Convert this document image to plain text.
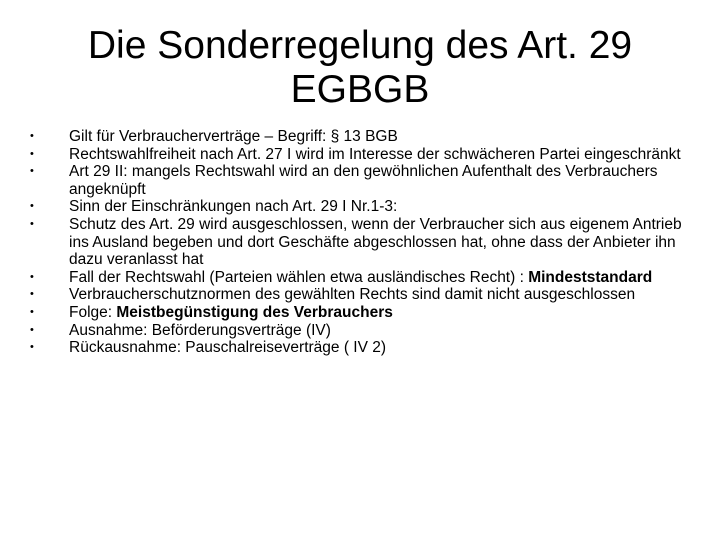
Die Sonderregelung des Art. 29
EGBGB
•	Gilt für Verbraucherverträge – Begriff: § 13 BGB
•	Rechtswahlfreiheit nach Art. 27 I wird im Interesse der schwächeren Partei eingeschränkt
•	Art 29 II: mangels Rechtswahl wird an den gewöhnlichen Aufenthalt des Verbrauchers angeknüpft
•	Sinn der Einschränkungen nach Art. 29 I Nr.1-3:
•	Schutz des Art. 29 wird ausgeschlossen, wenn der Verbraucher sich aus eigenem Antrieb ins Ausland begeben und dort Geschäfte abgeschlossen hat, ohne dass der Anbieter ihn dazu veranlasst hat
•	Fall der Rechtswahl (Parteien wählen etwa ausländisches Recht) : Mindeststandard
•	Verbraucherschutznormen des gewählten Rechts sind damit nicht ausgeschlossen
•	Folge: Meistbegünstigung des Verbrauchers
•	Ausnahme: Beförderungsverträge (IV)
•	Rückausnahme: Pauschalreiseverträge ( IV 2)
